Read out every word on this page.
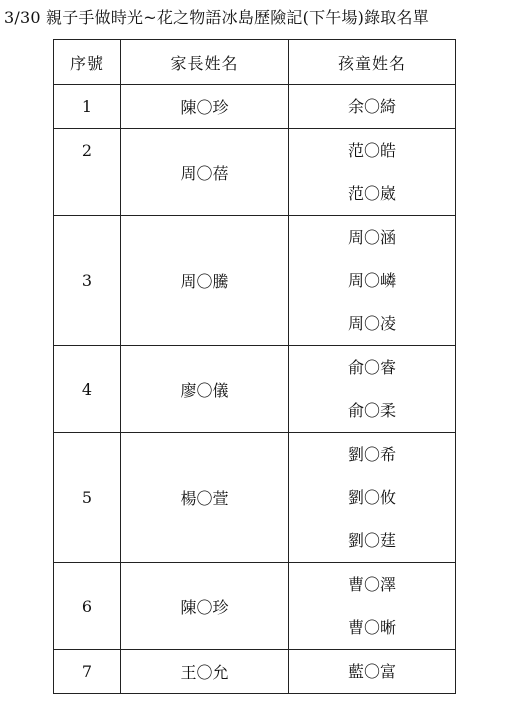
3/30 親子手做時光~花之物語冰島歷險記(下午場)錄取名單
序號	家長姓名	孩童姓名
1	陳〇珍	余〇綺

2	周〇蓓	范〇皓
范〇崴

3	周〇騰	周〇涵
周〇嶙
周〇凌

4	廖〇儀	俞〇睿
俞〇柔

5	楊〇萱	劉〇希
劉〇攸
劉〇莛

6	陳〇珍	曹〇澤
曹〇晰

7	王〇允	藍〇富
